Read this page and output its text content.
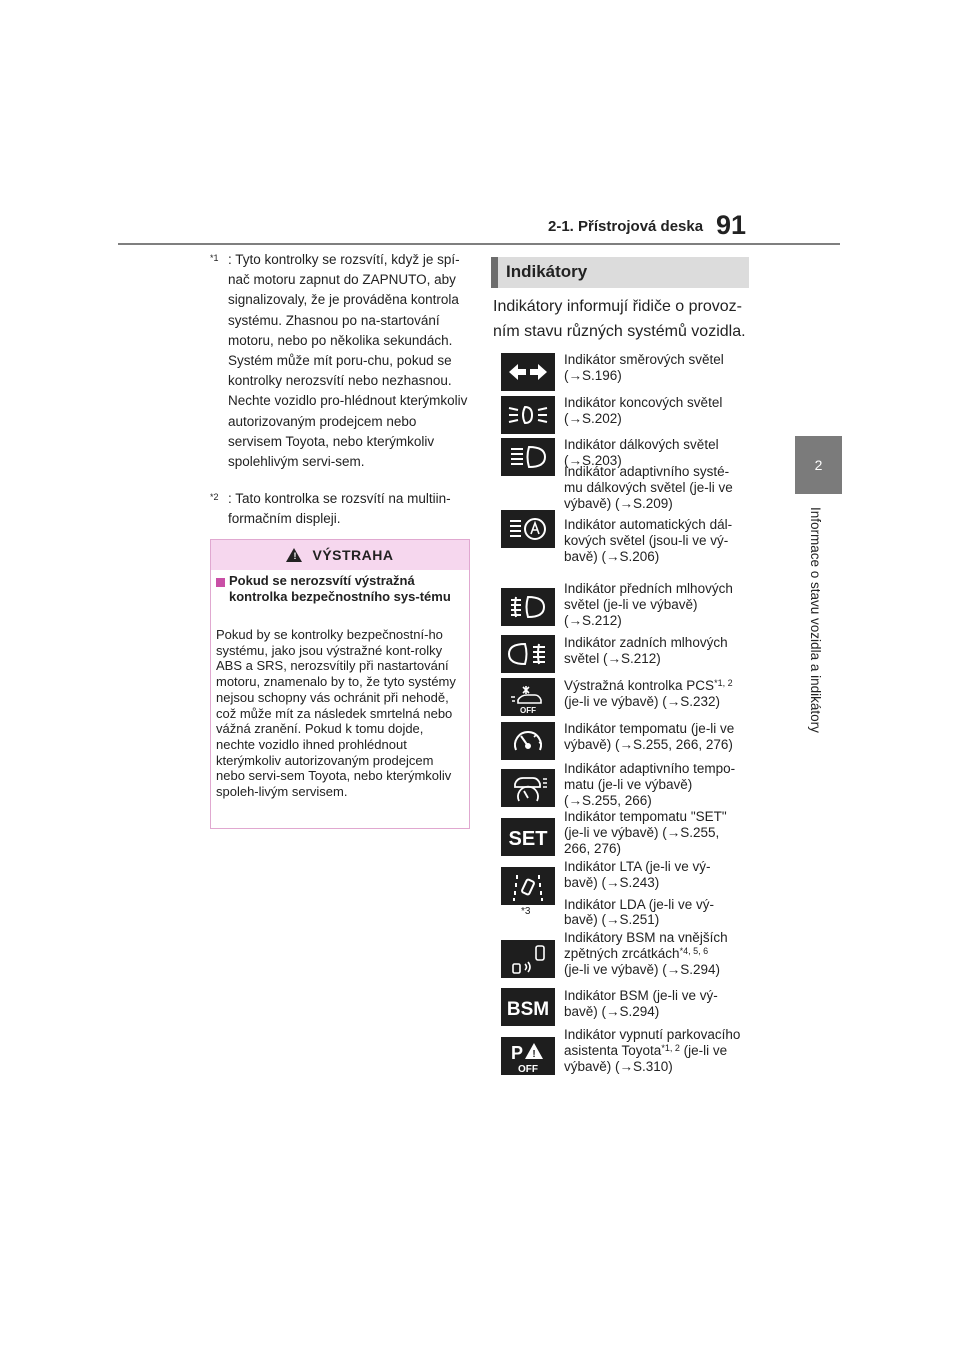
2-1. Přístrojová deska 91
2
Informace o stavu vozidla a indikátory
$^{*1}$ : Tyto kontrolky se rozsvítí, když je spí-nač motoru zapnut do ZAPNUTO, aby signalizovaly, že je prováděna kontrola systému. Zhasnou po na-startování motoru, nebo po několika sekundách. Systém může mít poru-chu, pokud se kontrolky nerozsvítí nebo nezhasnou. Nechte vozidlo pro-hlédnout kterýmkoliv autorizovaným prodejcem nebo servisem Toyota, nebo kterýmkoliv spolehlivým servi-sem.
$^{*2}$ : Tato kontrolka se rozsvítí na multiin-formačním displeji.
! VÝSTRAHA
Pokud se nerozsvítí výstražná kontrolka bezpečnostního sys-tému
Pokud by se kontrolky bezpečnostní-ho systému, jako jsou výstražné kont-rolky ABS a SRS, nerozsvítily při nastartování motoru, znamenalo by to, že tyto systémy nejsou schopny vás ochránit při nehodě, což může mít za následek smrtelná nebo vážná zranění. Pokud k tomu dojde, nechte vozidlo ihned prohlédnout kterýmkoliv autorizovaným prodejcem nebo servi-sem Toyota, nebo kterýmkoliv spoleh-livým servisem.
Indikátory
Indikátory informují řidiče o provoz-ním stavu různých systémů vozidla.
Indikátor směrových světel
(→S.196)
Indikátor koncových světel
(→S.202)
Indikátor dálkových světel
(→S.203)
Indikátor adaptivního systé-
mu dálkových světel (je-li ve
výbavě) (→S.209)
Indikátor automatických dál-
kových světel (jsou-li ve vý-
bavě) (→S.206)
Indikátor předních mlhových
světel (je-li ve výbavě)
(→S.212)
Indikátor zadních mlhových
světel (→S.212)
OFF
Výstražná kontrolka PCS$^{*1, 2}$
(je-li ve výbavě) (→S.232)
Indikátor tempomatu (je-li ve
výbavě) (→S.255, 266, 276)
Indikátor adaptivního tempo-
matu (je-li ve výbavě)
(→S.255, 266)
SET
Indikátor tempomatu "SET"
(je-li ve výbavě) (→S.255,
266, 276)
*3
Indikátor LTA (je-li ve vý-
bavě) (→S.243)
Indikátor LDA (je-li ve vý-
bavě) (→S.251)
Indikátory BSM na vnějších
zpětných zrcátkách$^{*4, 5, 6}$
(je-li ve výbavě) (→S.294)
BSM
Indikátor BSM (je-li ve vý-
bavě) (→S.294)
P !
OFF
Indikátor vypnutí parkovacího
asistenta Toyota$^{*1, 2}$ (je-li ve
výbavě) (→S.310)
